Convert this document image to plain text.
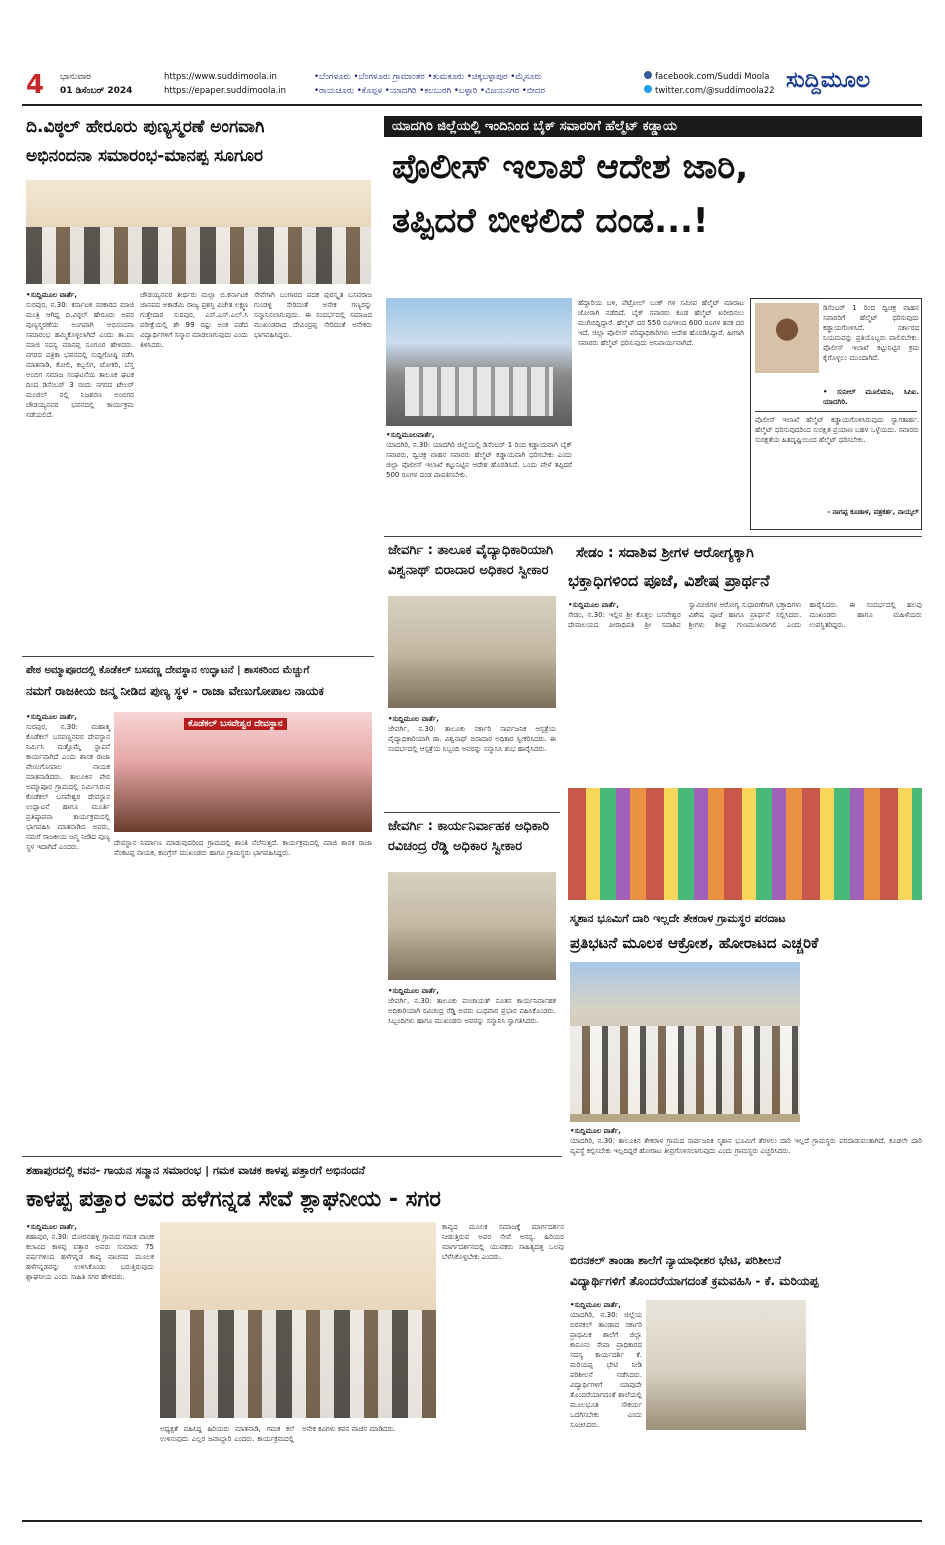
4 ಭಾನುವಾರ
01 ಡಿಸೆಂಬರ್ 2024
https://www.suddimoola.in
https://epaper.suddimoola.in
•ಬೆಂಗಳೂರು •ಬೆಂಗಳೂರು ಗ್ರಾಮಾಂತರ •ತುಮಕೂರು •ಚಿಕ್ಕಬಳ್ಳಾಪುರ •ಮೈಸೂರು
•ರಾಯಚೂರು •ಕೊಪ್ಪಳ •ಯಾದಗಿರಿ •ಕಲಬುರಗಿ •ಬಳ್ಳಾರಿ •ವಿಜಯನಗರ •ಬೀದರ
facebook.com/Suddi Moola
twitter.com/@suddimoola22 ಸುದ್ದಿಮೂಲ
ದಿ.ವಿಠ್ಠಲ್ ಹೇರೂರು ಪುಣ್ಯಸ್ಮರಣೆ ಅಂಗವಾಗಿ
ಅಭಿನಂದನಾ ಸಮಾರಂಭ-ಮಾನಪ್ಪ ಸೂಗೂರ
•ಸುದ್ದಿಮೂಲ ವಾರ್ತೆ,
ಸುರಪುರ, ನ.30: ಕರ್ನಾಟಕ ಸರಕಾರದ ಮಾಜಿ ಮಂತ್ರಿ ಆಗಿದ್ದ ದಿ.ವಿಠ್ಠಲ್ ಹೇರೂರು ಅವರ ಪುಣ್ಯಸ್ಮರಣೆಯ ಅಂಗವಾಗಿ ಅಭಿನಂದನಾ ಸಮಾರಂಭ ಹಮ್ಮಿಕೊಳ್ಳಲಾಗಿದೆ ಎಂದು ತಾ.ಪಂ ಮಾಜಿ ಸದಸ್ಯ ಮಾನಪ್ಪ ಸೂಗೂರ ಹೇಳಿದರು. ನಗರದ ಪತ್ರಿಕಾ ಭವನದಲ್ಲಿ ಸುದ್ದಿಗೋಷ್ಠಿ ನಡೆಸಿ ಮಾತನಾಡಿ, ಕೋಲಿ, ಕಬ್ಬಲಿಗ, ಟೋಕರಿ, ಬೆಸ್ತ ಅಂಬಿಗ ಸಮಾಜ ಸಂಘಟನೆಯ ತಾಲೂಕ ಘಟಕ ದಿಂದ ಡಿಸೆಂಬರ್ 3 ರಂದು ನಗರದ ಟೇಲರ್ ಮಂಜಿಲ್ ನಲ್ಲಿ ನಿಜಶರಣ ಅಂಬಿಗರ ಚೌಡಯ್ಯನವರ ಭವನದಲ್ಲಿ ಕಾರ್ಯಕ್ರಮ ನಡೆಯಲಿದೆ.
ಚೌಡಯ್ಯನವರ ತೀರ್ಥರು ಮಲ್ಲಾ ಬಿ.ಕರ್ನಾಟಕ ಜಾನಪದ ಅಕಾಡೆಮಿ ರಾಜ್ಯ ಪ್ರಶಸ್ತಿ ವಿಜೇತ ಲಕ್ಷ್ಮಣ ಗುತ್ತೇದಾರ ಸುರಪುರ, ಎಸ್.ಎಸ್.ಎಲ್.ಸಿ ಪರೀಕ್ಷೆಯಲ್ಲಿ ಶೇ 99 ರಷ್ಟು ಅಂಕ ಪಡೆದ ವಿದ್ಯಾರ್ಥಿಗಳಿಗೆ ಸನ್ಮಾನ ಮಾಡಲಾಗುವುದು ಎಂದು ತಿಳಿಸಿದರು.
ಸೇವೆಗಾಗಿ ಬಂಗಾರದ ಪದಕ ಪುರಸ್ಕೃತ ಬಸವರಾಜ ಗುಂಡಳ್ಳಿ ಸೇರಿದಂತೆ ಅನೇಕ ಗಣ್ಯರನ್ನು ಸನ್ಮಾನಿಸಲಾಗುವುದು. ಈ ಸಂದರ್ಭದಲ್ಲಿ ಸಮಾಜದ ಮುಖಂಡರಾದ ದೇವಿಂದ್ರಪ್ಪ ಸೇರಿದಂತೆ ಅನೇಕರು ಭಾಗವಹಿಸಿದ್ದರು.
ಯಾದಗಿರಿ ಜಿಲ್ಲೆಯಲ್ಲಿ ಇಂದಿನಿಂದ ಬೈಕ್ ಸವಾರರಿಗೆ ಹೆಲ್ಮೆಟ್ ಕಡ್ಡಾಯ
ಪೊಲೀಸ್ ಇಲಾಖೆ ಆದೇಶ ಜಾರಿ,
ತಪ್ಪಿದರೆ ಬೀಳಲಿದೆ ದಂಡ...!
•ಸುದ್ದಿಮೂಲವಾರ್ತೆ,
ಯಾದಗಿರಿ, ನ.30: ಯಾದಗಿರಿ ಜಿಲ್ಲೆಯಲ್ಲಿ ಡಿಸೆಂಬರ್ 1 ರಿಂದ ಕಡ್ಡಾಯವಾಗಿ ಬೈಕ್ ಸವಾರರು, ದ್ವಿಚಕ್ರ ವಾಹನ ಸವಾರರು ಹೆಲ್ಮೆಟ್ ಕಡ್ಡಾಯವಾಗಿ ಧರಿಸಬೇಕು ಎಂದು ಜಿಲ್ಲಾ ಪೊಲೀಸ್ ಇಲಾಖೆ ಕಟ್ಟುನಿಟ್ಟಿನ ಆದೇಶ ಹೊರಡಿಸಿದೆ. ಒಂದು ವೇಳೆ ತಪ್ಪಿದರೆ 500 ರೂಗಳ ದಂಡ ಪಾವತಿಸಬೇಕು.
ಹೆದ್ದಾರಿಯ ಬಳಿ, ಪೆಟ್ರೋಲ್ ಬಂಕ್ ಗಳ ಸಮೀಪ ಹೆಲ್ಮೆಟ್ ಮಾರಾಟ ಜೋರಾಗಿ ನಡೆದಿದೆ. ಬೈಕ್ ಸವಾರರು ಕೂಡ ಹೆಲ್ಮೆಟ್ ಖರೀದಿಸಲು ಮುಗಿಬಿದ್ದಿದ್ದಾರೆ. ಹೆಲ್ಮೆಟ್ ದರ 550 ರೂಗಳಿಂದ 600 ರೂಗಳ ತನಕ ದರ ಇದೆ. ಜಿಲ್ಲಾ ಪೊಲೀಸ್ ವರಿಷ್ಠಾಧಿಕಾರಿಗಳು ಆದೇಶ ಹೊರಡಿಸಿದ್ದಾರೆ. ಹೀಗಾಗಿ ಸವಾರರು ಹೆಲ್ಮೆಟ್ ಧರಿಸುವುದು ಅನಿವಾರ್ಯವಾಗಿದೆ.
ಡಿಸೆಂಬರ್ 1 ರಿಂದ ದ್ವಿಚಕ್ರ ವಾಹನ ಸವಾರರಿಗೆ ಹೆಲ್ಮೆಟ್ ಧರಿಸುವುದು ಕಡ್ಡಾಯಗೊಳಿಸಿದೆ. ಸರ್ಕಾರದ ನಿಯಮವನ್ನು ಪ್ರತಿಯೊಬ್ಬರು ಪಾಲಿಸಬೇಕು. ಪೊಲೀಸ್ ಇಲಾಖೆ ಕಟ್ಟುನಿಟ್ಟಿನ ಕ್ರಮ ಕೈಗೊಳ್ಳಲು ಮುಂದಾಗಿದೆ.
• ಸುನೀಲ್ ಮೂಲಿಮನಿ, ಸಿಪಿಐ. ಯಾದಗಿರಿ.
ಪೊಲೀಸ್ ಇಲಾಖೆ ಹೆಲ್ಮೆಟ್ ಕಡ್ಡಾಯಗೊಳಿಸಿರುವುದು ಸ್ವಾಗತಾರ್ಹ. ಹೆಲ್ಮೆಟ್ ಧರಿಸುವುದರಿಂದ ಸುರಕ್ಷಿತ ಪ್ರಯಾಣ ಬಹಳ ಒಳ್ಳೆಯದು. ಸವಾರರು ಸುರಕ್ಷತೆಯ ಹಿತದೃಷ್ಟಿಯಿಂದ ಹೆಲ್ಮೆಟ್ ಧರಿಸಬೇಕು.
- ನಾಗಪ್ಪ ಕೂಡಾಳ, ಪತ್ರಕರ್ತ, ನಾಯ್ಕಲ್
ಜೇವರ್ಗಿ : ತಾಲೂಕ ವೈದ್ಯಾಧಿಕಾರಿಯಾಗಿ
ವಿಶ್ವನಾಥ್ ಬಿರಾದಾರ ಅಧಿಕಾರ ಸ್ವೀಕಾರ
•ಸುದ್ದಿಮೂಲ ವಾರ್ತೆ,
ಜೇವರ್ಗಿ, ನ.30: ತಾಲೂಕು ಸರ್ಕಾರಿ ಸಾರ್ವಜನಿಕ ಆಸ್ಪತ್ರೆಯ ವೈದ್ಯಾಧಿಕಾರಿಯಾಗಿ ಡಾ. ವಿಶ್ವನಾಥ್ ಬಿರಾದಾರ ಅಧಿಕಾರ ಸ್ವೀಕರಿಸಿದರು. ಈ ಸಂದರ್ಭದಲ್ಲಿ ಆಸ್ಪತ್ರೆಯ ಸಿಬ್ಬಂದಿ ಅವರನ್ನು ಸನ್ಮಾನಿಸಿ ಶುಭ ಹಾರೈಸಿದರು.
ಜೇವರ್ಗಿ : ಕಾರ್ಯನಿರ್ವಾಹಕ ಅಧಿಕಾರಿ
ರವಿಚಂದ್ರ ರೆಡ್ಡಿ ಅಧಿಕಾರ ಸ್ವೀಕಾರ
•ಸುದ್ದಿಮೂಲ ವಾರ್ತೆ,
ಜೇವರ್ಗಿ, ನ.30: ತಾಲೂಕು ಪಂಚಾಯತ್ ನೂತನ ಕಾರ್ಯನಿರ್ವಾಹಕ ಅಧಿಕಾರಿಯಾಗಿ ರವಿಚಂದ್ರ ರೆಡ್ಡಿ ಅವರು ಬುಧವಾರ ಪ್ರಭಾರ ವಹಿಸಿಕೊಂಡರು. ಸಿಬ್ಬಂದಿಗಳು ಹಾಗೂ ಮುಖಂಡರು ಅವರನ್ನು ಸನ್ಮಾನಿಸಿ ಸ್ವಾಗತಿಸಿದರು.
ಪೇಠ ಅಮ್ಮಾಪೂರದಲ್ಲಿ ಕೊಡೆಕಲ್ ಬಸವಣ್ಣ ದೇವಸ್ಥಾನ ಉದ್ಘಾಟನೆ | ಶಾಸಕರಿಂದ ಮೆಚ್ಚುಗೆ
ನಮಗೆ ರಾಜಕೀಯ ಜನ್ಮ ನೀಡಿದ ಪುಣ್ಯ ಸ್ಥಳ - ರಾಜಾ ವೇಣುಗೋಪಾಲ ನಾಯಕ
•ಸುದ್ದಿಮೂಲ ವಾರ್ತೆ,
ಸುರಪುರ, ನ.30: ಮಹಾತ್ಮ ಕೊಡೆಕಲ್ ಬಸವಣ್ಣನವರ ದೇವಸ್ಥಾನ ನಿರ್ಮಿಸಿ ಮತ್ತೊಮ್ಮೆ ಸ್ಥಾಪನೆ ಕಾರ್ಯವಾಗಿದೆ ಎಂದು ಶಾಸಕ ರಾಜಾ ವೇಣುಗೋಪಾಲ ನಾಯಕ ಮಾತನಾಡಿದರು. ತಾಲೂಕಿನ ಪೇಠ ಅಮ್ಮಾಪೂರ ಗ್ರಾಮದಲ್ಲಿ ನಿರ್ಮಿಸಿರುವ ಕೊಡೆಕಲ್ ಬಸವೇಶ್ವರ ದೇವಸ್ಥಾನ ಉದ್ಘಾಟನೆ ಹಾಗೂ ಮೂರ್ತಿ ಪ್ರತಿಷ್ಠಾಪನಾ ಕಾರ್ಯಕ್ರಮದಲ್ಲಿ ಭಾಗವಹಿಸಿ ಮಾತನಾಡಿದ ಅವರು, ನಮಗೆ ರಾಜಕೀಯ ಜನ್ಮ ನೀಡಿದ ಪುಣ್ಯ ಸ್ಥಳ ಇದಾಗಿದೆ ಎಂದರು.
ಕೊಡೆಕಲ್ ಬಸವೇಶ್ವರ ದೇವಸ್ಥಾನ
ದೇವಸ್ಥಾನ ನಿರ್ಮಾಣ ಮಾಡುವುದರಿಂದ ಗ್ರಾಮದಲ್ಲಿ ಶಾಂತಿ ನೆಲೆಸುತ್ತದೆ. ಕಾರ್ಯಕ್ರಮದಲ್ಲಿ ಮಾಜಿ ಶಾಸಕ ರಾಜಾ ವೆಂಕಟಪ್ಪ ನಾಯಕ, ಕಾಂಗ್ರೆಸ್ ಮುಖಂಡರು ಹಾಗೂ ಗ್ರಾಮಸ್ಥರು ಭಾಗವಹಿಸಿದ್ದರು.
ಸೇಡಂ : ಸದಾಶಿವ ಶ್ರೀಗಳ ಆರೋಗ್ಯಕ್ಕಾಗಿ
ಭಕ್ತಾಧಿಗಳಿಂದ ಪೂಜೆ, ವಿಶೇಷ ಪ್ರಾರ್ಥನೆ
•ಸುದ್ದಿಮೂಲ ವಾರ್ತೆ,
ಸೇಡಂ, ನ.30: ಇಲ್ಲಿನ ಶ್ರೀ ಕೊತ್ತಲ ಬಸವೇಶ್ವರ ದೇವಾಲಯದ ಪೀಠಾಧಿಪತಿ ಶ್ರೀ ಸದಾಶಿವ ಸ್ವಾಮೀಜಿಗಳ ಆರೋಗ್ಯ ಸುಧಾರಣೆಗಾಗಿ ಭಕ್ತಾದಿಗಳು ವಿಶೇಷ ಪೂಜೆ ಹಾಗೂ ಪ್ರಾರ್ಥನೆ ಸಲ್ಲಿಸಿದರು. ಶ್ರೀಗಳು ಶೀಘ್ರ ಗುಣಮುಖರಾಗಲಿ ಎಂದು ಹಾರೈಸಿದರು. ಈ ಸಂದರ್ಭದಲ್ಲಿ ಹಲವು ಮುಖಂಡರು ಹಾಗೂ ಮಹಿಳೆಯರು ಉಪಸ್ಥಿತರಿದ್ದರು.
ಸ್ಮಶಾನ ಭೂಮಿಗೆ ದಾರಿ ಇಲ್ಲದೇ ತೇಕರಾಳ ಗ್ರಾಮಸ್ಥರ ಪರದಾಟ
ಪ್ರತಿಭಟನೆ ಮೂಲಕ ಆಕ್ರೋಶ, ಹೋರಾಟದ ಎಚ್ಚರಿಕೆ
•ಸುದ್ದಿಮೂಲ ವಾರ್ತೆ,
ಯಾದಗಿರಿ, ನ.30: ತಾಲೂಕಿನ ತೇಕರಾಳ ಗ್ರಾಮದ ಸಾರ್ವಜನಿಕ ಸ್ಮಶಾನ ಭೂಮಿಗೆ ತೆರಳಲು ದಾರಿ ಇಲ್ಲದೆ ಗ್ರಾಮಸ್ಥರು ಪರದಾಡುವಂತಾಗಿದೆ. ಕೂಡಲೇ ದಾರಿ ವ್ಯವಸ್ಥೆ ಕಲ್ಪಿಸಬೇಕು ಇಲ್ಲದಿದ್ದರೆ ಹೋರಾಟ ತೀವ್ರಗೊಳಿಸಲಾಗುವುದು ಎಂದು ಗ್ರಾಮಸ್ಥರು ಎಚ್ಚರಿಸಿದರು.
ಶಹಾಪುರದಲ್ಲಿ ಕವನ- ಗಾಯನ ಸನ್ಮಾನ ಸಮಾರಂಭ | ಗಮಕ ವಾಚಕ ಕಾಳಪ್ಪ ಪತ್ತಾರಗೆ ಅಭಿನಂದನೆ
ಕಾಳಪ್ಪ ಪತ್ತಾರ ಅವರ ಹಳೆಗನ್ನಡ ಸೇವೆ ಶ್ಲಾಘನೀಯ - ಸಗರ
•ಸುದ್ದಿಮೂಲ ವಾರ್ತೆ,
ಶಹಾಪುರ, ನ.30: ದೋರನಹಳ್ಳಿ ಗ್ರಾಮದ ಗಮಕ ವಾಚಕ ಕಲಾವಿದ ಕಾಳಪ್ಪ ಪತ್ತಾರ ಅವರು ಸುಮಾರು 75 ವರ್ಷಗಳಿಂದ ಹಳೆಗನ್ನಡ ಕಾವ್ಯ ವಾಚನದ ಮೂಲಕ ಹಳೆಗನ್ನಡವನ್ನು ಉಳಿಸಿಕೊಂಡು ಬರುತ್ತಿರುವುದು ಶ್ಲಾಘನೀಯ ಎಂದು ಸಾಹಿತಿ ಸಗರ ಹೇಳಿದರು.
ಅಧ್ಯಕ್ಷತೆ ವಹಿಸಿದ್ದ ಹಿರಿಯರು ಮಾತನಾಡಿ, ಗಮಕ ಕಲೆ ಉಳಿಸುವುದು ಎಲ್ಲರ ಜವಾಬ್ದಾರಿ ಎಂದರು. ಕಾರ್ಯಕ್ರಮದಲ್ಲಿ ಅನೇಕ ಕವಿಗಳು ಕವನ ವಾಚನ ಮಾಡಿದರು.
ಕಾವ್ಯದ ಮೂಲಕ ಸಮಾಜಕ್ಕೆ ಮಾರ್ಗದರ್ಶನ ನೀಡುತ್ತಿರುವ ಅವರ ಸೇವೆ ಅನನ್ಯ. ಹಿರಿಯರ ಮಾರ್ಗದರ್ಶನದಲ್ಲಿ ಯುವಕರು ಸಾಹಿತ್ಯದತ್ತ ಒಲವು ಬೆಳೆಸಿಕೊಳ್ಳಬೇಕು ಎಂದರು.	ಬಿರನಕಲ್ ತಾಂಡಾ ಶಾಲೆಗೆ ನ್ಯಾಯಾಧೀಶರ ಭೇಟಿ, ಪರಿಶೀಲನೆ
ವಿದ್ಯಾರ್ಥಿಗಳಿಗೆ ತೊಂದರೆಯಾಗದಂತೆ ಕ್ರಮವಹಿಸಿ - ಕೆ. ಮರಿಯಪ್ಪ
•ಸುದ್ದಿಮೂಲ ವಾರ್ತೆ,
ಯಾದಗಿರಿ, ನ.30: ಜಿಲ್ಲೆಯ ಬಿರನಕಲ್ ತಾಂಡಾದ ಸರ್ಕಾರಿ ಪ್ರಾಥಮಿಕ ಶಾಲೆಗೆ ಜಿಲ್ಲಾ ಕಾನೂನು ಸೇವಾ ಪ್ರಾಧಿಕಾರದ ಸದಸ್ಯ ಕಾರ್ಯದರ್ಶಿ ಕೆ. ಮರಿಯಪ್ಪ ಭೇಟಿ ನೀಡಿ ಪರಿಶೀಲನೆ ನಡೆಸಿದರು. ವಿದ್ಯಾರ್ಥಿಗಳಿಗೆ ಯಾವುದೇ ತೊಂದರೆಯಾಗದಂತೆ ಶಾಲೆಯಲ್ಲಿ ಮೂಲಭೂತ ಸೌಕರ್ಯ ಒದಗಿಸಬೇಕು ಎಂದು ಸೂಚಿಸಿದರು.
